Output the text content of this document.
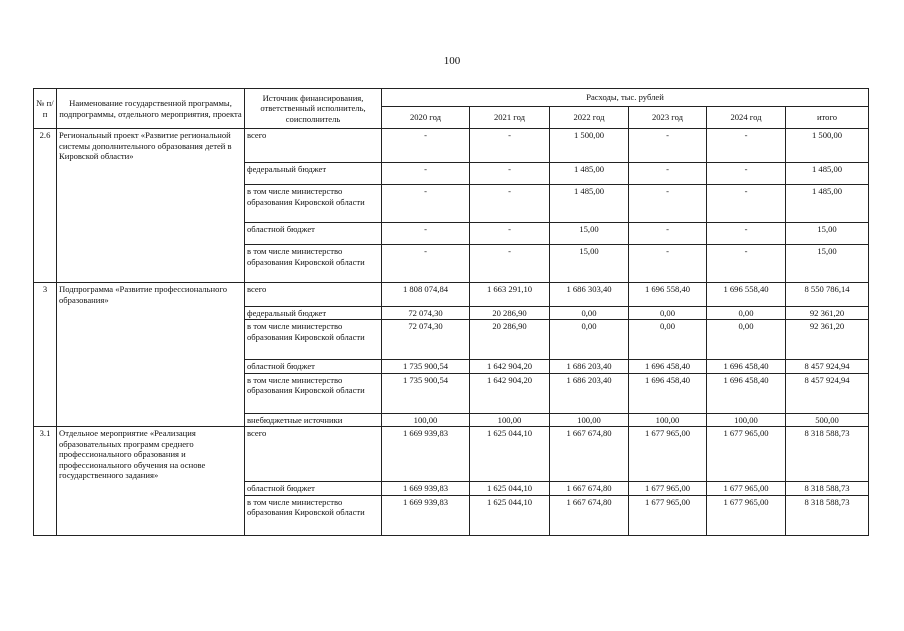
100
№ п/п	Наименование государственной программы, подпрограммы, отдельного мероприятия, проекта	Источник финансирования, ответственный исполнитель, соисполнитель	Расходы, тыс. рублей					
			2020 год	2021 год	2022 год	2023 год	2024 год	итого
2.6	Региональный проект «Развитие региональной системы дополнительного образования детей в Кировской области»	всего	-	-	1 500,00	-	-	1 500,00
		федеральный бюджет	-	-	1 485,00	-	-	1 485,00
		в том числе министерство образования Кировской области	-	-	1 485,00	-	-	1 485,00
		областной бюджет	-	-	15,00	-	-	15,00
		в том числе министерство образования Кировской области	-	-	15,00	-	-	15,00
3	Подпрограмма «Развитие профессионального образования»	всего	1 808 074,84	1 663 291,10	1 686 303,40	1 696 558,40	1 696 558,40	8 550 786,14
		федеральный бюджет	72 074,30	20 286,90	0,00	0,00	0,00	92 361,20
		в том числе министерство образования Кировской области	72 074,30	20 286,90	0,00	0,00	0,00	92 361,20
		областной бюджет	1 735 900,54	1 642 904,20	1 686 203,40	1 696 458,40	1 696 458,40	8 457 924,94
		в том числе министерство образования Кировской области	1 735 900,54	1 642 904,20	1 686 203,40	1 696 458,40	1 696 458,40	8 457 924,94
		внебюджетные источники	100,00	100,00	100,00	100,00	100,00	500,00
3.1	Отдельное мероприятие «Реализация образовательных программ среднего профессионального образования и профессионального обучения на основе государственного задания»	всего	1 669 939,83	1 625 044,10	1 667 674,80	1 677 965,00	1 677 965,00	8 318 588,73
		областной бюджет	1 669 939,83	1 625 044,10	1 667 674,80	1 677 965,00	1 677 965,00	8 318 588,73
		в том числе министерство образования Кировской области	1 669 939,83	1 625 044,10	1 667 674,80	1 677 965,00	1 677 965,00	8 318 588,73
